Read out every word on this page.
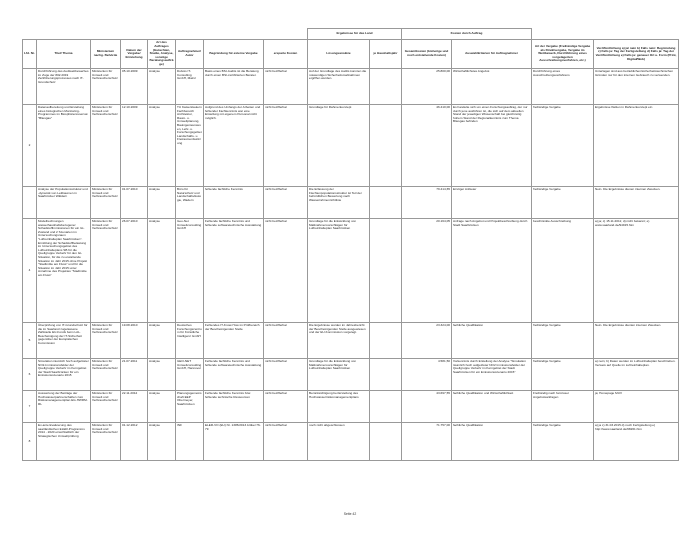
								Ergebnisse für das Land		Kosten durch Auftrag			
Lfd. Nr.	Titel/ Thema	Ministerium nachg. Behörde	Datum der Vergabe/ Entstehung	Art des Auftrages (Gutachten, Studie, Analyse, sonstige Beratungsaufträge)	Auftragnehmer/ Autor	Begründung für externe Vergabe	ersparte Kosten	Lösungsansätze	je Haushaltsjahr	Gesamtkosten (bisherige und noch entstehende Kosten)	Auswahlkriterien für Auftragnehmer	Art der Vergabe (Freihändige Vergabe als Direktvergabe, Vergabe im Wettbewerb, Durchführung eines vorgelagerten Ausschreibungsverfahren, etc.)	Veröffentlichung a) ja/ nein b) Falls nein: Begründung c) Falls ja: Tag der Fertigstellung d) Falls ja: Tag der Veröffentlichung e) Falls ja: genauer Ort u. Form (Print, Digital/Web)
	Durchführung des Audiwettbewerbes im Zuge der 802.2019 Zertifizierungsprozesses nach IT-Grundschutz	Ministerium für Umwelt und Verbraucherschutz	05.10.2009	Analyse	Dubois IT-Consulting GmbH, Mainz	Basis eines BSI-Audits ist die Beratung durch einen BSI-zertifizierten Berater.	nicht bezifferbar	Auf der Grundlage des Audits konnten die notwendigen Sicherheitsmaßnahmen ergriffen werden.		25.800,00	Wirtschaftlichstes Angebot	Durchführung eines Ausschreibungsverfahrens	Unterlagen sind aus betrieblichen/sicherheitstechnischen Gründen nur für den internen Gebrauch zu verwenden.
2	Datenaufbereitung und Erstellung eines biologischen Monitoring-Programmes im Biosphärenreservat "Bliesgau"	Ministerium für Umwelt und Verbraucherschutz	12.10.2009	Analyse	TU Kaiserslautern Fachbereich Architektur, Raum- u. Umweltplanung, Bauingenieurwesen, Lehr- u. Forschungsgebiet Landschafts- u. Freiraumentwicklung	Aufgrund des Umfangs der Arbeiten und fehlender Fachkenntnis war eine Erstellung mit eigenem Personal nicht möglich.	nicht bezifferbar	Grundlage für Rahmenkonzept		46.410,00	Es handelte sich um einen Forschungsauftrag, der nur durch jene ausführen ist, die sich auf dem aktuellen Stand der jeweiligen Wissenschaft bei gleichzeitig hohem Stand der Regionalkenntnis zum Thema Bliesgau befinden	freihändige Vergabe	Ergebnisse fließen in Rahmenkonzept ein
	Analyse der Populationsstruktur und -dynamik von Leitbaumen in Saarbrücker Wäldern	Ministerium für Umwelt und Verbraucherschutz	01.07.2010	Analyse	Büro für Naturschutz und Landschaftsökologie, Wadern	fehlende fachliche Kenntnis	nicht bezifferbar	Die Erfassung der Flechtenpopulationsstruktur ist Teil der behördlichen Bewertung nach Wasserrahmenrichtlinie		79.414,65	Einziger Anbieter	freihändige Vergabe	Nein. Die Ergebnisse dienen internen Zwecken.
4	Modellrechnungen wasserhaushaltsbezogener Schadstoffimmissionen für ein Ist-Zustand und 2 Szenarien im Untersuchungsraum "Luftreinhalteplan Saarbrücken". Ermittlung der Schadstoffbelastung im Untersuchungsgebiet des Luftreinhalteplans SB für die Quellgruppe Verkehr für den Ist-Situation, für die zu erwartende Situation im Jahr 2015 ohne Projekt "Stadtmitte am Fluss" und für die Situation im Jahr 2015 unter Annahme des Projektes "Stadtmitte am Fluss"	Ministerium für Umwelt und Verbraucherschutz	26.07.2010	Analyse	Geo-Net Umweltconsulting GmbH	Fehlende fachliche Kenntnis und fehlende softwaretechnische Ausstattung	nicht bezifferbar	Grundlage für die Entwicklung von Maßnahmenvorschlägen für Luftreinhalteplan Saarbrücken		20.164,05	Anfrage nach Angebot und Projektbeschreibung durch Stadt Saarbrücken	beschränkte Ausschreibung	a) ja; c) 15.11.2011; d) nicht bekannt; e) www.saarland.de/94915.htm
5	Überprüfung von IT-Grundschutz für die im Saarland zugelassene Zahlstelle EU-Fonds beim LAL. Bescheinigung der IT-Sicherheit gegenüber der Europäischen Kommission	Ministerium für Umwelt und Verbraucherschutz	19.08.2010	Analyse	Deutsches Forschungszentrum für Künstliche Intelligenz GmbH	Fehlendes IT-Know How im Prüfbereich der Bescheinigenden Stelle	nicht bezifferbar	Die Ergebnisse wurden im Jahresbericht der Bescheinigenden Stelle ausgewiesen und der EU-Kommission vorgelegt.		23.324,00	fachliche Qualifikation	freihändige Vergabe	Nein. Die Ergebnisse dienten internen Zwecken.
6	Simulation räumlich hoch aufgelöster NO2-Immissionsfelder der Quellgruppe Verkehr im Kerngebiet der Stadt Saarbrücken für ein Emissionsszenario 2015	Ministerium für Umwelt und Verbraucherschutz	21.07.2011	Analyse	GEO-NET Umweltconsulting GmbH, Hannover	Fehlende fachliche Kenntnis und fehlende softwaretechnische Ausstattung	nicht bezifferbar	Grundlage für die Entwicklung von Maßnahmenvorschlägen für Luftreinhalteplan Saarbrücken		4.581,50	Vorkenntnis durch Erstellung der Analyse "Simulation räumlich hoch aufgelöster NO2 Immissionsfelder der Quellgruppe Verkehr im Kerngebiet der Stadt Saarbrücken für ein Emissionsszenario 2015"	freihändige Vergabe	a) nein; b) Daten werden im Luftreinhalteplan beschrieben. Verweis auf Quelle im Luftreinhalteplan.
7	Auswertung der Beiträge der Hochwasserpartnerschaften zum Risikomanagementplan EG-HWRM-RL	Ministerium für Umwelt und Verbraucherschutz	22.11.2012	Analyse	Planungsgemeinschaft EEP Obermeyer, Saarbrücken	Fehlende fachliche Kenntnis bzw. fehlende technische Ressourcen	nicht bezifferbar	Berücksichtigung bei Erstellung des Hochwasserrisikomanagementplans		43.697,55	fachliche Qualifikation und Wirtschaftlichkeit	Freihändig nach formloser Angebotsanfragen	ja; Homepage MUV
8	Ex-ante Evaluierung des saarländischen ELER-Programms 2014 - 2020 einschließlich der Strategischen Umweltprüfung	Ministerium für Umwelt und Verbraucherschutz	01.12.2012	Analyse	INF	ELER-VO (EU) Nr. 1305/2013 Artikel 76-79	nicht bezifferbar	noch nicht abgeschlossen		71.757,00	fachliche Qualifikation	freihändige Vergabe	a) ja c) 31.03.2015 d) noch Fertigstellung e) http://www.saarland.de/98261.htm
Seite 42
